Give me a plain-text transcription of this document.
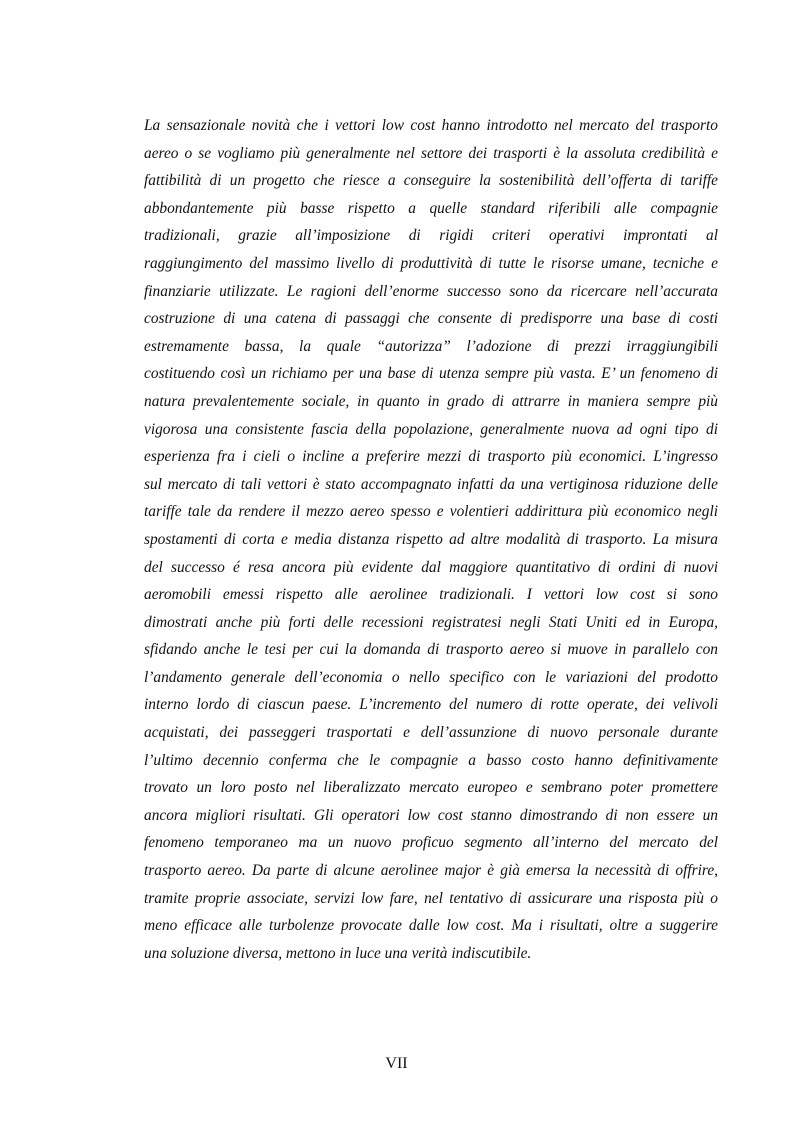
La sensazionale novità che i vettori low cost hanno introdotto nel mercato del trasporto
aereo o se vogliamo più generalmente nel settore dei trasporti è la assoluta credibilità e
fattibilità di un progetto che riesce a conseguire la sostenibilità dell’offerta di tariffe
abbondantemente più basse rispetto a quelle standard riferibili alle compagnie
tradizionali, grazie all’imposizione di rigidi criteri operativi improntati al
raggiungimento del massimo livello di produttività di tutte le risorse umane, tecniche e
finanziarie utilizzate. Le ragioni dell’enorme successo sono da ricercare nell’accurata
costruzione di una catena di passaggi che consente di predisporre una base di costi
estremamente bassa, la quale “autorizza” l’adozione di prezzi irraggiungibili
costituendo così un richiamo per una base di utenza sempre più vasta. E’ un fenomeno di
natura prevalentemente sociale, in quanto in grado di attrarre in maniera sempre più
vigorosa una consistente fascia della popolazione, generalmente nuova ad ogni tipo di
esperienza fra i cieli o incline a preferire mezzi di trasporto più economici. L’ingresso
sul mercato di tali vettori è stato accompagnato infatti da una vertiginosa riduzione delle
tariffe tale da rendere il mezzo aereo spesso e volentieri addirittura più economico negli
spostamenti di corta e media distanza rispetto ad altre modalità di trasporto. La misura
del successo é resa ancora più evidente dal maggiore quantitativo di ordini di nuovi
aeromobili emessi rispetto alle aerolinee tradizionali. I vettori low cost si sono
dimostrati anche più forti delle recessioni registratesi negli Stati Uniti ed in Europa,
sfidando anche le tesi per cui la domanda di trasporto aereo si muove in parallelo con
l’andamento generale dell’economia o nello specifico con le variazioni del prodotto
interno lordo di ciascun paese. L’incremento del numero di rotte operate, dei velivoli
acquistati, dei passeggeri trasportati e dell’assunzione di nuovo personale durante
l’ultimo decennio conferma che le compagnie a basso costo hanno definitivamente
trovato un loro posto nel liberalizzato mercato europeo e sembrano poter promettere
ancora migliori risultati. Gli operatori low cost stanno dimostrando di non essere un
fenomeno temporaneo ma un nuovo proficuo segmento all’interno del mercato del
trasporto aereo. Da parte di alcune aerolinee major è già emersa la necessità di offrire,
tramite proprie associate, servizi low fare, nel tentativo di assicurare una risposta più o
meno efficace alle turbolenze provocate dalle low cost. Ma i risultati, oltre a suggerire
una soluzione diversa, mettono in luce una verità indiscutibile.

VII
